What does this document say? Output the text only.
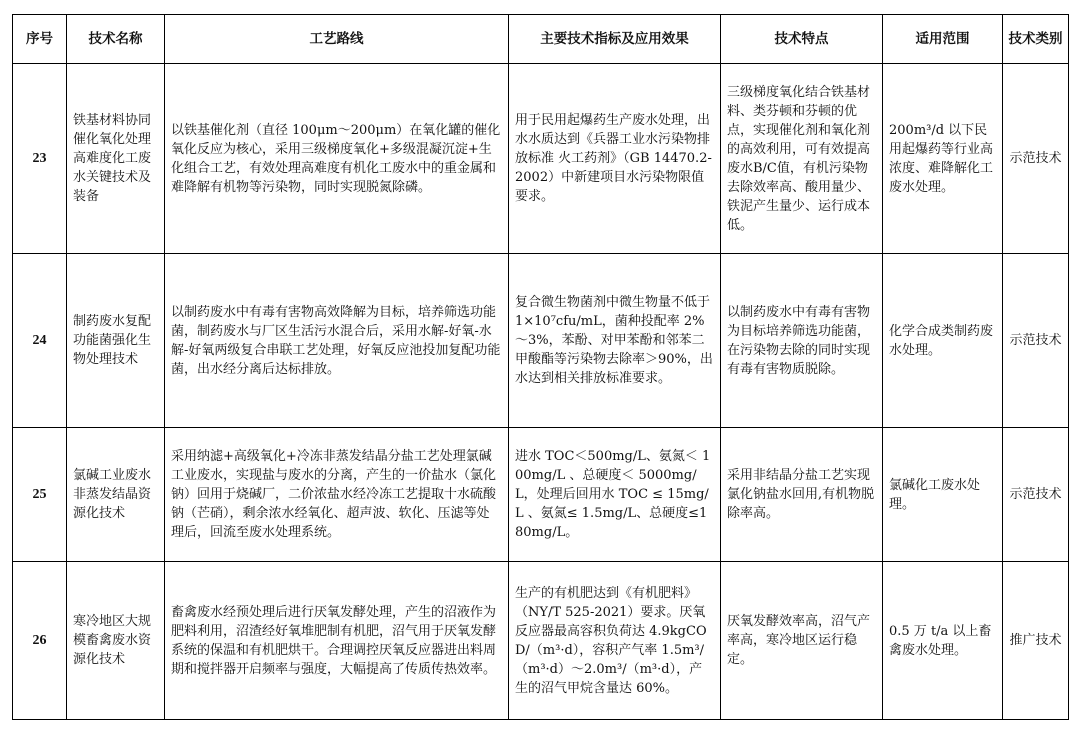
序号	技术名称	工艺路线	主要技术指标及应用效果	技术特点	适用范围	技术类别
23	铁基材料协同催化氧化处理高难度化工废水关键技术及装备	以铁基催化剂（直径 100μm～200μm）在氧化罐的催化氧化反应为核心，采用三级梯度氧化+多级混凝沉淀+生化组合工艺，有效处理高难度有机化工废水中的重金属和难降解有机物等污染物，同时实现脱氮除磷。	用于民用起爆药生产废水处理，出水水质达到《兵器工业水污染物排放标准 火工药剂》（GB 14470.2-2002）中新建项目水污染物限值要求。	三级梯度氧化结合铁基材料、类芬顿和芬顿的优点，实现催化剂和氧化剂的高效利用，可有效提高废水B/C值，有机污染物去除效率高、酸用量少、铁泥产生量少、运行成本低。	200m³/d 以下民用起爆药等行业高浓度、难降解化工废水处理。	示范技术
24	制药废水复配功能菌强化生物处理技术	以制药废水中有毒有害物高效降解为目标，培养筛选功能菌，制药废水与厂区生活污水混合后，采用水解-好氧-水解-好氧两级复合串联工艺处理，好氧反应池投加复配功能菌，出水经分离后达标排放。	复合微生物菌剂中微生物量不低于 1×10⁷cfu/mL，菌种投配率 2%～3%，苯酚、对甲苯酚和邻苯二甲酸酯等污染物去除率＞90%，出水达到相关排放标准要求。	以制药废水中有毒有害物为目标培养筛选功能菌，在污染物去除的同时实现有毒有害物质脱除。	化学合成类制药废水处理。	示范技术
25	氯碱工业废水非蒸发结晶资源化技术	采用纳滤+高级氧化+冷冻非蒸发结晶分盐工艺处理氯碱工业废水，实现盐与废水的分离，产生的一价盐水（氯化钠）回用于烧碱厂，二价浓盐水经冷冻工艺提取十水硫酸钠（芒硝），剩余浓水经氧化、超声波、软化、压滤等处理后，回流至废水处理系统。	进水 TOC＜500mg/L、氨氮＜ 100mg/L 、总硬度＜ 5000mg/L，处理后回用水 TOC ≤ 15mg/L 、氨氮≤ 1.5mg/L、总硬度≤180mg/L。	采用非结晶分盐工艺实现氯化钠盐水回用,有机物脱除率高。	氯碱化工废水处理。	示范技术
26	寒冷地区大规模畜禽废水资源化技术	畜禽废水经预处理后进行厌氧发酵处理，产生的沼液作为肥料利用，沼渣经好氧堆肥制有机肥，沼气用于厌氧发酵系统的保温和有机肥烘干。合理调控厌氧反应器进出料周期和搅拌器开启频率与强度，大幅提高了传质传热效率。	生产的有机肥达到《有机肥料》（NY/T 525-2021）要求。厌氧反应器最高容积负荷达 4.9kgCOD/（m³·d），容积产气率 1.5m³/（m³·d）～2.0m³/（m³·d），产生的沼气甲烷含量达 60%。	厌氧发酵效率高，沼气产率高，寒冷地区运行稳定。	0.5 万 t/a 以上畜禽废水处理。	推广技术
